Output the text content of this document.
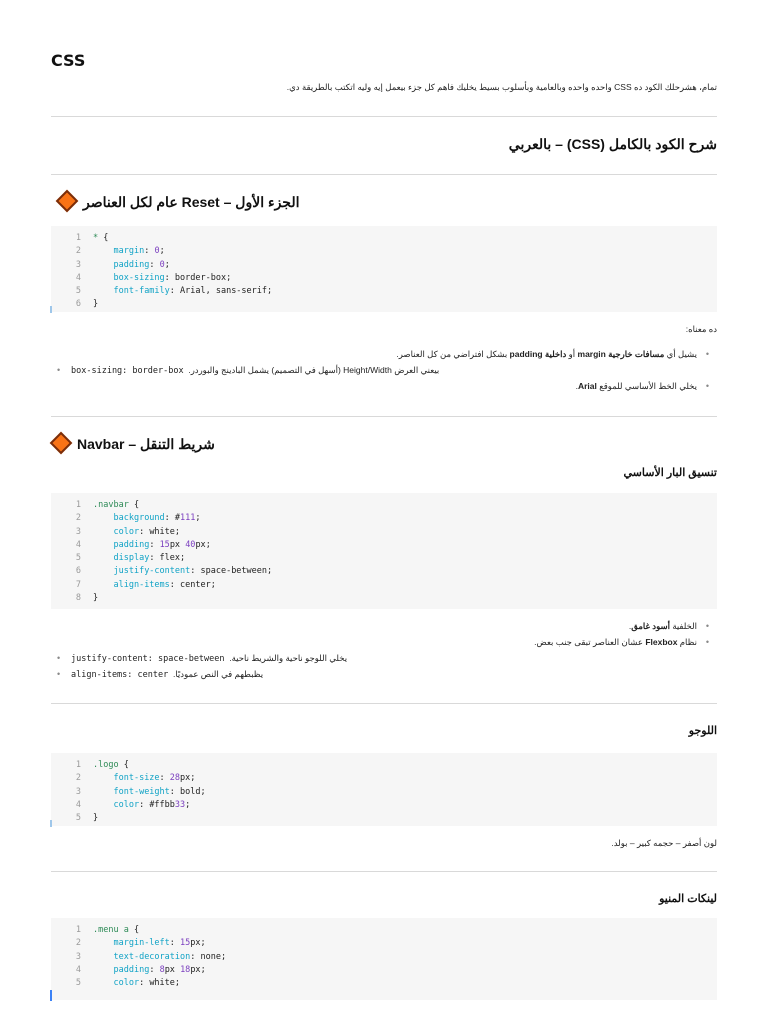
CSS
تمام، هشرحلك الكود ده CSS واحده واحده وبالعامية وبأسلوب بسيط يخليك فاهم كل جزء بيعمل إيه وليه اتكتب بالطريقة دي.
شرح الكود بالكامل (CSS) – بالعربي
الجزء الأول – Reset عام لكل العناصر
1	* {
2	margin: 0;
3	padding: 0;
4	box-sizing: border-box;
5	font-family: Arial, sans-serif;
6	}
ده معناه:
• يشيل أي مسافات خارجية margin أو داخلية padding بشكل افتراضي من كل العناصر.
• box-sizing: border-box بيعني العرض Height/Width (أسهل في التصميم) يشمل البادينج والبوردر.
• يخلي الخط الأساسي للموقع Arial.
شريط التنقل – Navbar
تنسيق البار الأساسي
1	.navbar {
2	background: #111;
3	color: white;
4	padding: 15px 40px;
5	display: flex;
6	justify-content: space-between;
7	align-items: center;
8	}
• الخلفية أسود غامق.
• نظام Flexbox عشان العناصر تبقى جنب بعض.
• justify-content: space-between يخلي اللوجو ناحية والشريط ناحية.
• align-items: center يظبطهم في النص عموديًا.
اللوجو
1	.logo {
2	font-size: 28px;
3	font-weight: bold;
4	color: #ffbb33;
5	}
لون أصفر – حجمه كبير – بولد.
لينكات المنيو
1	.menu a {
2	margin-left: 15px;
3	text-decoration: none;
4	padding: 8px 18px;
5	color: white;
